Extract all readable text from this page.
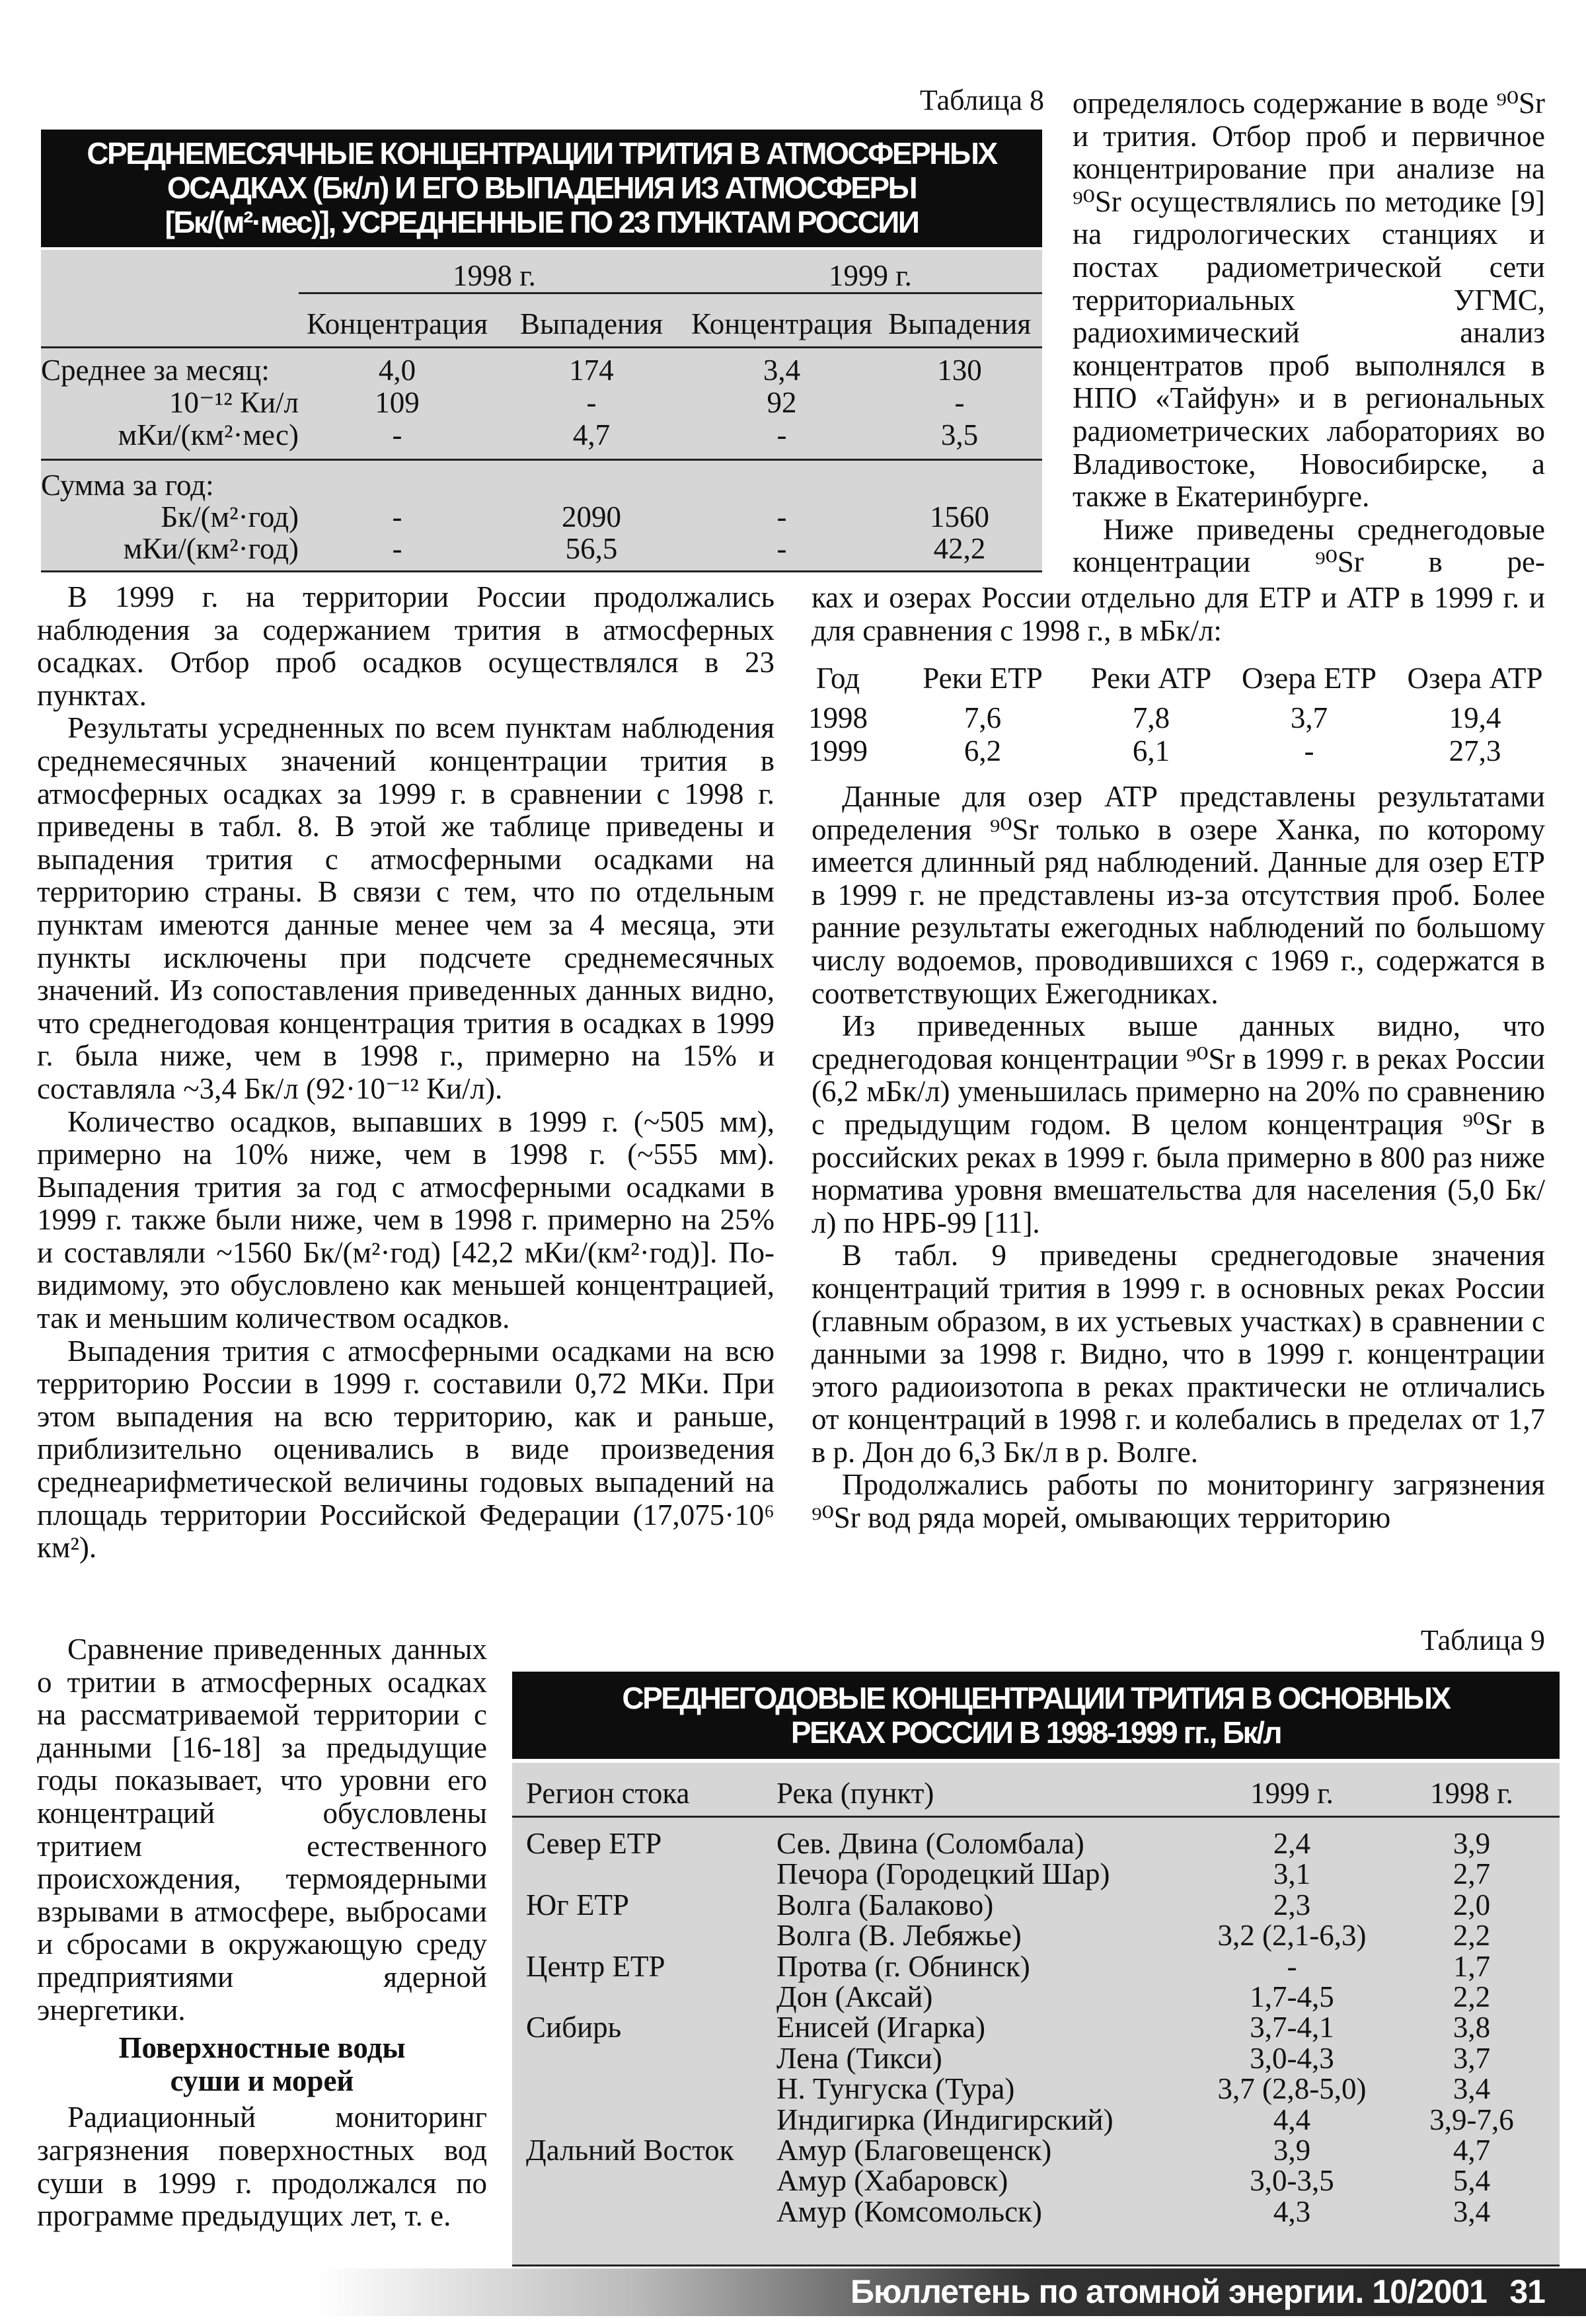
Таблица 8
СРЕДНЕМЕСЯЧНЫЕ КОНЦЕНТРАЦИИ ТРИТИЯ В АТМОСФЕРНЫХ
ОСАДКАХ (Бк/л) И ЕГО ВЫПАДЕНИЯ ИЗ АТМОСФЕРЫ
[Бк/(м²·мес)], УСРЕДНЕННЫЕ ПО 23 ПУНКТАМ РОССИИ
1998 г.	1999 г.
Концентрация Выпадения Концентрация Выпадения
Среднее за месяц:	4,0	174	3,4	130
10⁻¹² Ки/л	109	-	92	-
мКи/(км²·мес)	-	4,7	-	3,5
Сумма за год:
Бк/(м²·год)	-	2090	-	1560
мКи/(км²·год)	-	56,5	-	42,2

определялось содержание в воде ⁹⁰Sr и трития. Отбор проб и первичное концентрирование при анализе на ⁹⁰Sr осуществлялись по методике [9] на гидрологических станциях и постах радиометрической сети территориальных УГМС, радиохимический анализ концентратов проб выполнялся в НПО «Тайфун» и в региональных радиометрических лабораториях во Владивостоке, Новосибирске, а также в Екатеринбурге.

Ниже приведены среднегодовые концентрации ⁹⁰Sr в ре-

ках и озерах России отдельно для ЕТР и АТР в 1999 г. и для сравнения с 1998 г., в мБк/л:

Год Реки ЕТР Реки АТР Озера ЕТР Озера АТР
1998	7,6	7,8	3,7	19,4
1999	6,2	6,1	-	27,3

Данные для озер АТР представлены результатами определения ⁹⁰Sr только в озере Ханка, по которому имеется длинный ряд наблюдений. Данные для озер ЕТР в 1999 г. не представлены из-за отсутствия проб. Более ранние результаты ежегодных наблюдений по большому числу водоемов, проводившихся с 1969 г., содержатся в соответствующих Ежегодниках.

Из приведенных выше данных видно, что среднегодовая концентрации ⁹⁰Sr в 1999 г. в реках России (6,2 мБк/л) уменьшилась примерно на 20% по сравнению с предыдущим годом. В целом концентрация ⁹⁰Sr в российских реках в 1999 г. была примерно в 800 раз ниже норматива уровня вмешательства для населения (5,0 Бк/л) по НРБ-99 [11].

В табл. 9 приведены среднегодовые значения концентраций трития в 1999 г. в основных реках России (главным образом, в их устьевых участках) в сравнении с данными за 1998 г. Видно, что в 1999 г. концентрации этого радиоизотопа в реках практически не отличались от концентраций в 1998 г. и колебались в пределах от 1,7 в р. Дон до 6,3 Бк/л в р. Волге.

Продолжались работы по мониторингу загрязнения ⁹⁰Sr вод ряда морей, омывающих территорию

В 1999 г. на территории России продолжались наблюдения за содержанием трития в атмосферных осадках. Отбор проб осадков осуществлялся в 23 пунктах.

Результаты усредненных по всем пунктам наблюдения среднемесячных значений концентрации трития в атмосферных осадках за 1999 г. в сравнении с 1998 г. приведены в табл. 8. В этой же таблице приведены и выпадения трития с атмосферными осадками на территорию страны. В связи с тем, что по отдельным пунктам имеются данные менее чем за 4 месяца, эти пункты исключены при подсчете среднемесячных значений. Из сопоставления приведенных данных видно, что среднегодовая концентрация трития в осадках в 1999 г. была ниже, чем в 1998 г., примерно на 15% и составляла ~3,4 Бк/л (92·10⁻¹² Ки/л).

Количество осадков, выпавших в 1999 г. (~505 мм), примерно на 10% ниже, чем в 1998 г. (~555 мм). Выпадения трития за год с атмосферными осадками в 1999 г. также были ниже, чем в 1998 г. примерно на 25% и составляли ~1560 Бк/(м²·год) [42,2 мКи/(км²·год)]. По-видимому, это обусловлено как меньшей концентрацией, так и меньшим количеством осадков.

Выпадения трития с атмосферными осадками на всю территорию России в 1999 г. составили 0,72 МКи. При этом выпадения на всю территорию, как и раньше, приблизительно оценивались в виде произведения среднеарифметической величины годовых выпадений на площадь территории Российской Федерации (17,075·10⁶ км²).

Сравнение приведенных данных о тритии в атмосферных осадках на рассматриваемой территории с данными [16-18] за предыдущие годы показывает, что уровни его концентраций обусловлены тритием естественного происхождения, термоядерными взрывами в атмосфере, выбросами и сбросами в окружающую среду предприятиями ядерной энергетики.

Поверхностные воды
суши и морей

Радиационный мониторинг загрязнения поверхностных вод суши в 1999 г. продолжался по программе предыдущих лет, т. е.

Таблица 9
СРЕДНЕГОДОВЫЕ КОНЦЕНТРАЦИИ ТРИТИЯ В ОСНОВНЫХ
РЕКАХ РОССИИ В 1998-1999 гг., Бк/л
Регион стока	Река (пункт)	1999 г.	1998 г.
Север ЕТР	Сев. Двина (Соломбала)	2,4	3,9
Печора (Городецкий Шар)	3,1	2,7
Юг ЕТР	Волга (Балаково)	2,3	2,0
Волга (В. Лебяжье)	3,2 (2,1-6,3)	2,2
Центр ЕТР	Протва (г. Обнинск)	-	1,7
Дон (Аксай)	1,7-4,5	2,2
Сибирь	Енисей (Игарка)	3,7-4,1	3,8
Лена (Тикси)	3,0-4,3	3,7
Н. Тунгуска (Тура)	3,7 (2,8-5,0)	3,4
Индигирка (Индигирский)	4,4	3,9-7,6
Дальний Восток Амур (Благовещенск)	3,9	4,7
Амур (Хабаровск)	3,0-3,5	5,4
Амур (Комсомольск)	4,3	3,4
Бюллетень по атомной энергии. 10/2001 31
